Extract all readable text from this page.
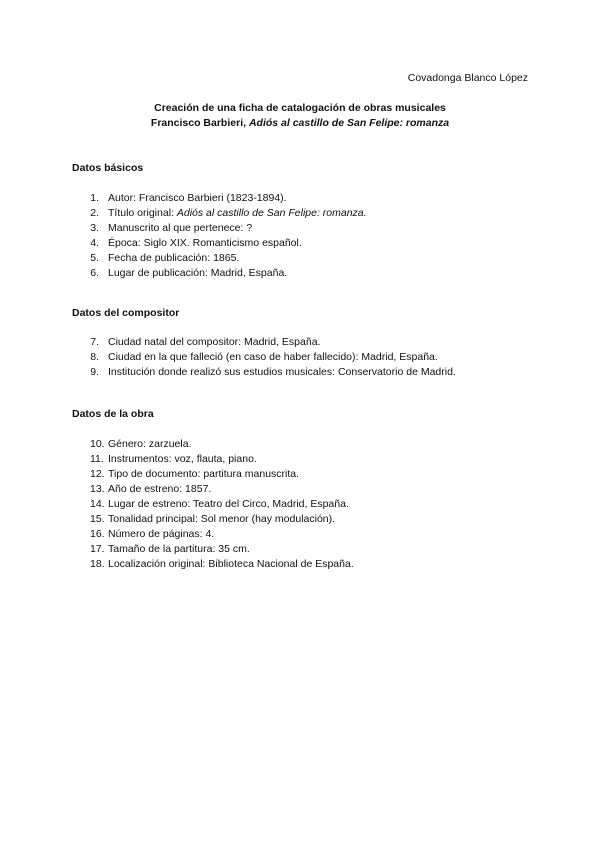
Covadonga Blanco López
Creación de una ficha de catalogación de obras musicales
Francisco Barbieri, Adiós al castillo de San Felipe: romanza
Datos básicos
1. Autor: Francisco Barbieri (1823-1894).
2. Título original: Adiós al castillo de San Felipe: romanza.
3. Manuscrito al que pertenece: ?
4. Época: Siglo XIX. Romanticismo español.
5. Fecha de publicación: 1865.
6. Lugar de publicación: Madrid, España.
Datos del compositor
7. Ciudad natal del compositor: Madrid, España.
8. Ciudad en la que falleció (en caso de haber fallecido): Madrid, España.
9. Institución donde realizó sus estudios musicales: Conservatorio de Madrid.
Datos de la obra
10. Género: zarzuela.
11. Instrumentos: voz, flauta, piano.
12. Tipo de documento: partitura manuscrita.
13. Año de estreno: 1857.
14. Lugar de estreno: Teatro del Circo, Madrid, España.
15. Tonalidad principal: Sol menor (hay modulación).
16. Número de páginas: 4.
17. Tamaño de la partitura: 35 cm.
18. Localización original: Biblioteca Nacional de España.
